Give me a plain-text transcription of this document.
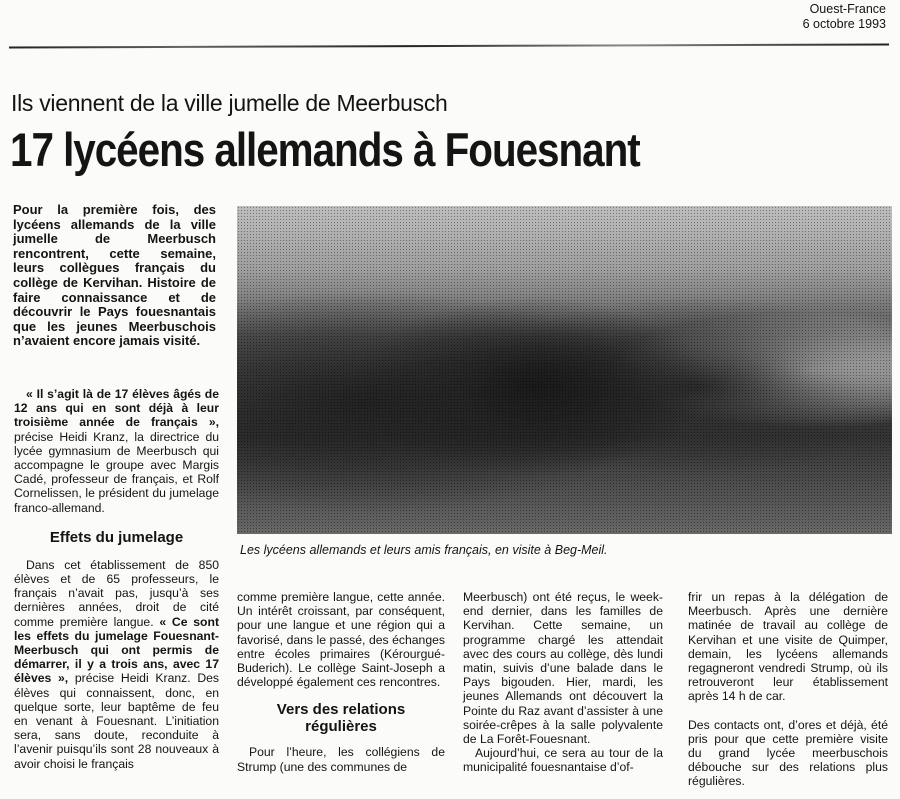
Ouest-France
6 octobre 1993
Ils viennent de la ville jumelle de Meerbusch
17 lycéens allemands à Fouesnant
Pour la première fois, des lycéens allemands de la ville jumelle de Meerbusch rencontrent, cette semaine, leurs collègues français du collège de Kervihan. Histoire de faire connaissance et de découvrir le Pays fouesnantais que les jeunes Meerbuschois n’avaient encore jamais visité.

« Il s’agit là de 17 élèves âgés de 12 ans qui en sont déjà à leur troisième année de français », précise Heidi Kranz, la directrice du lycée gymnasium de Meerbusch qui accompagne le groupe avec Margis Cadé, professeur de français, et Rolf Cornelissen, le président du jumelage franco-allemand.

Effets du jumelage

Dans cet établissement de 850 élèves et de 65 professeurs, le français n’avait pas, jusqu’à ses dernières années, droit de cité comme première langue. « Ce sont les effets du jumelage Fouesnant-Meerbusch qui ont permis de démarrer, il y a trois ans, avec 17 élèves », précise Heidi Kranz. Des élèves qui connaissent, donc, en quelque sorte, leur baptême de feu en venant à Fouesnant. L’initiation sera, sans doute, reconduite à l’avenir puisqu’ils sont 28 nouveaux à avoir choisi le français

Les lycéens allemands et leurs amis français, en visite à Beg-Meil.

comme première langue, cette année. Un intérêt croissant, par conséquent, pour une langue et une région qui a favorisé, dans le passé, des échanges entre écoles primaires (Kérourgué-Buderich). Le collège Saint-Joseph a développé également ces rencontres.

Vers des relations régulières

Pour l’heure, les collégiens de Strump (une des communes de

Meerbusch) ont été reçus, le week-end dernier, dans les familles de Kervihan. Cette semaine, un programme chargé les attendait avec des cours au collège, dès lundi matin, suivis d’une balade dans le Pays bigouden. Hier, mardi, les jeunes Allemands ont découvert la Pointe du Raz avant d’assister à une soirée-crêpes à la salle polyvalente de La Forêt-Fouesnant.

Aujourd’hui, ce sera au tour de la municipalité fouesnantaise d’of-

frir un repas à la délégation de Meerbusch. Après une dernière matinée de travail au collège de Kervihan et une visite de Quimper, demain, les lycéens allemands regagneront vendredi Strump, où ils retrouveront leur établissement après 14 h de car.

Des contacts ont, d’ores et déjà, été pris pour que cette première visite du grand lycée meerbuschois débouche sur des relations plus régulières.
